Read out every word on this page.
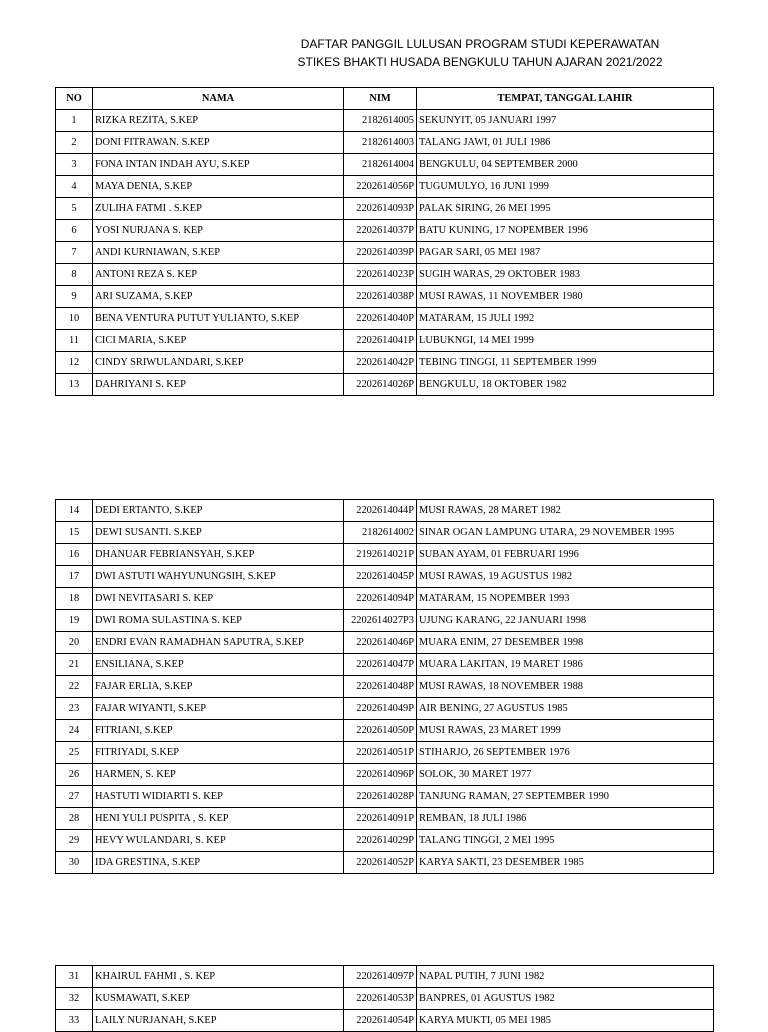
DAFTAR PANGGIL LULUSAN PROGRAM STUDI KEPERAWATAN
STIKES BHAKTI HUSADA BENGKULU TAHUN AJARAN 2021/2022
NO	NAMA	NIM	TEMPAT, TANGGAL LAHIR
1	RIZKA REZITA, S.KEP	2182614005	SEKUNYIT, 05 JANUARI 1997
2	DONI FITRAWAN. S.KEP	2182614003	TALANG JAWI, 01 JULI 1986
3	FONA INTAN INDAH AYU, S.KEP	2182614004	BENGKULU, 04 SEPTEMBER 2000
4	MAYA DENIA, S.KEP	2202614056P	TUGUMULYO, 16 JUNI 1999
5	ZULIHA FATMI . S.KEP	2202614093P	PALAK SIRING, 26 MEI 1995
6	YOSI NURJANA S. KEP	2202614037P	BATU KUNING, 17 NOPEMBER 1996
7	ANDI KURNIAWAN, S.KEP	2202614039P	PAGAR SARI, 05 MEI 1987
8	ANTONI REZA S. KEP	2202614023P	SUGIH WARAS, 29 OKTOBER 1983
9	ARI SUZAMA, S.KEP	2202614038P	MUSI RAWAS, 11 NOVEMBER 1980
10	BENA VENTURA PUTUT YULIANTO, S.KEP	2202614040P	MATARAM, 15 JULI 1992
11	CICI MARIA, S.KEP	2202614041P	LUBUKNGI, 14 MEI 1999
12	CINDY SRIWULANDARI, S.KEP	2202614042P	TEBING TINGGI, 11 SEPTEMBER 1999
13	DAHRIYANI S. KEP	2202614026P	BENGKULU, 18 OKTOBER 1982
14	DEDI ERTANTO, S.KEP	2202614044P	MUSI RAWAS, 28 MARET 1982
15	DEWI SUSANTI. S.KEP	2182614002	SINAR OGAN LAMPUNG UTARA, 29 NOVEMBER 1995
16	DHANUAR FEBRIANSYAH, S.KEP	2192614021P	SUBAN AYAM, 01 FEBRUARI 1996
17	DWI ASTUTI WAHYUNUNGSIH, S.KEP	2202614045P	MUSI RAWAS, 19 AGUSTUS 1982
18	DWI NEVITASARI S. KEP	2202614094P	MATARAM, 15 NOPEMBER 1993
19	DWI ROMA SULASTINA S. KEP	2202614027P3	UJUNG KARANG, 22 JANUARI 1998
20	ENDRI EVAN RAMADHAN SAPUTRA, S.KEP	2202614046P	MUARA ENIM, 27 DESEMBER 1998
21	ENSILIANA, S.KEP	2202614047P	MUARA LAKITAN, 19 MARET 1986
22	FAJAR ERLIA, S.KEP	2202614048P	MUSI RAWAS, 18 NOVEMBER 1988
23	FAJAR WIYANTI, S.KEP	2202614049P	AIR BENING, 27 AGUSTUS 1985
24	FITRIANI, S.KEP	2202614050P	MUSI RAWAS, 23 MARET 1999
25	FITRIYADI, S.KEP	2202614051P	STIHARJO, 26 SEPTEMBER 1976
26	HARMEN, S. KEP	2202614096P	SOLOK, 30 MARET 1977
27	HASTUTI WIDIARTI S. KEP	2202614028P	TANJUNG RAMAN, 27 SEPTEMBER 1990
28	HENI YULI PUSPITA , S. KEP	2202614091P	REMBAN, 18 JULI 1986
29	HEVY WULANDARI, S. KEP	2202614029P	TALANG TINGGI, 2 MEI 1995
30	IDA GRESTINA, S.KEP	2202614052P	KARYA SAKTI, 23 DESEMBER 1985
31	KHAIRUL FAHMI , S. KEP	2202614097P	NAPAL PUTIH, 7 JUNI 1982
32	KUSMAWATI, S.KEP	2202614053P	BANPRES, 01 AGUSTUS 1982
33	LAILY NURJANAH, S.KEP	2202614054P	KARYA MUKTI, 05 MEI 1985
